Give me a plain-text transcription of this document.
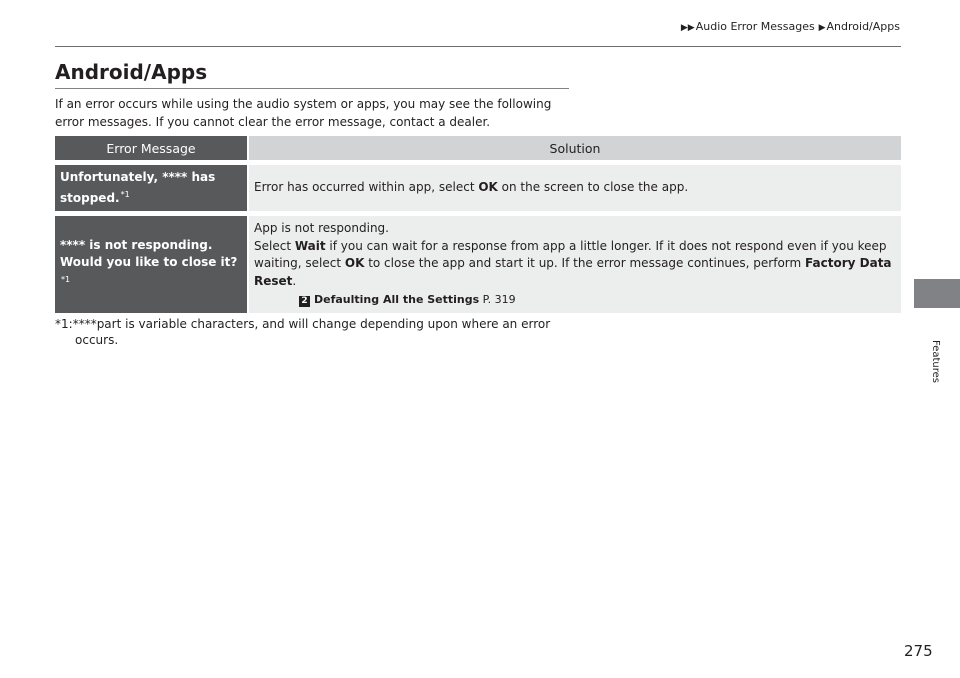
▶▶Audio Error Messages ▶Android/Apps
Android/Apps

If an error occurs while using the audio system or apps, you may see the following error messages. If you cannot clear the error message, contact a dealer.

Error Message	Solution
Unfortunately, **** has stopped.$^{*1}$	Error has occurred within app, select OK on the screen to close the app.
**** is not responding. Would you like to close it?$^{*1}$	App is not responding.
Select Wait if you can wait for a response from app a little longer. If it does not respond even if you keep waiting, select OK to close the app and start it up. If the error message continues, perform Factory Data Reset.
2 Defaulting All the Settings P. 319

*1:****part is variable characters, and will change depending upon where an error
occurs.	Features
275
